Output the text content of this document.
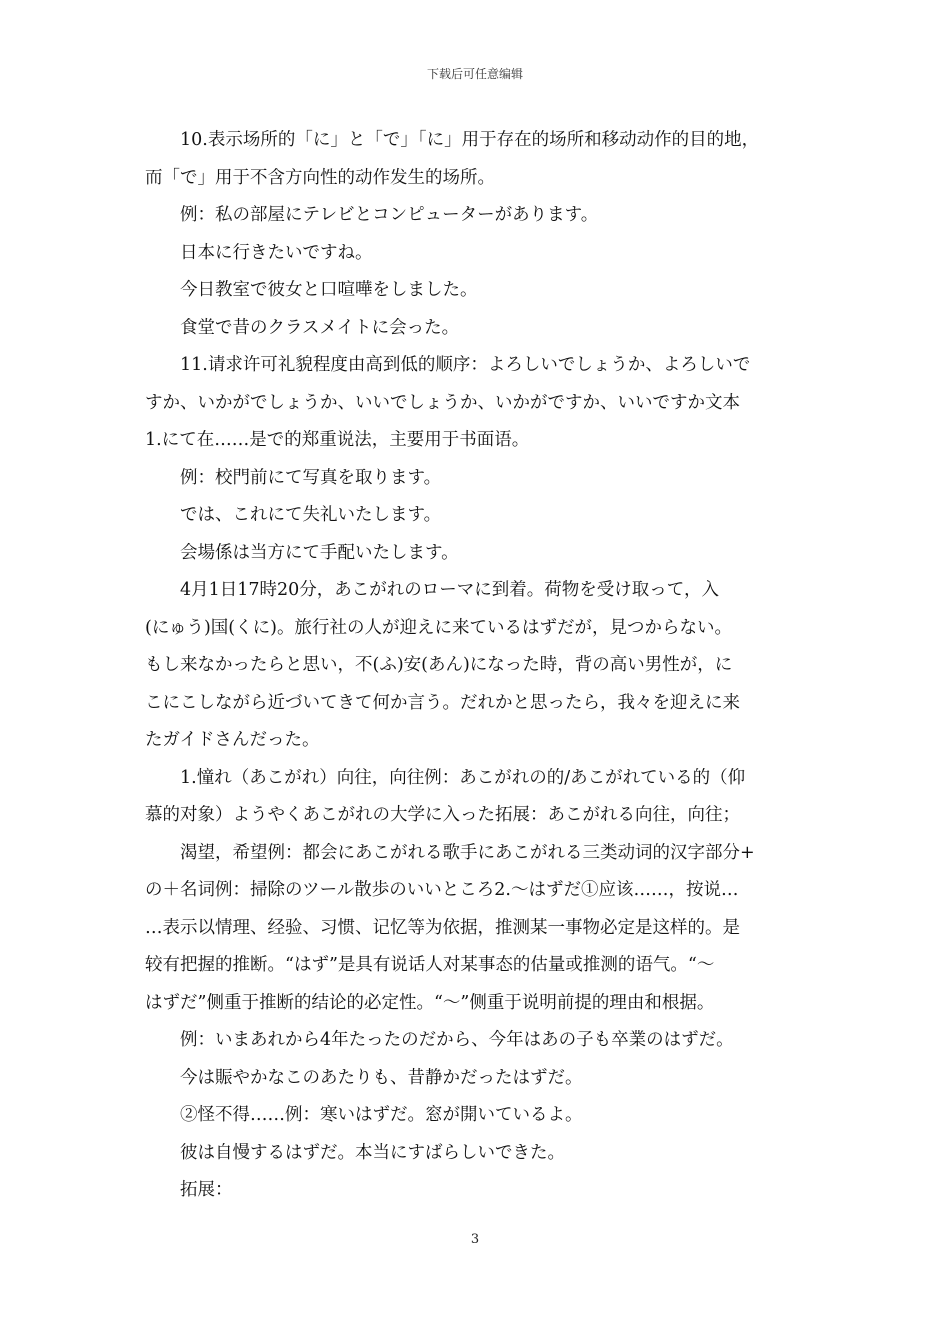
下载后可任意编辑
10.表示场所的「に」と「で」「に」用于存在的场所和移动动作的目的地，
而「で」用于不含方向性的动作发生的场所。
例：私の部屋にテレビとコンピューターがあります。
日本に行きたいですね。
今日教室で彼女と口喧嘩をしました。
食堂で昔のクラスメイトに会った。
11.请求许可礼貌程度由高到低的顺序：よろしいでしょうか、よろしいで
すか、いかがでしょうか、いいでしょうか、いかがですか、いいですか文本
1.にて在……是で的郑重说法，主要用于书面语。
例：校門前にて写真を取ります。
では、これにて失礼いたします。
会場係は当方にて手配いたします。
4月1日17時20分，あこがれのローマに到着。荷物を受け取って，入
(にゅう)国(くに)。旅行社の人が迎えに来ているはずだが，見つからない。
もし来なかったらと思い，不(ふ)安(あん)になった時，背の高い男性が，に
こにこしながら近づいてきて何か言う。だれかと思ったら，我々を迎えに来
たガイドさんだった。
1.憧れ（あこがれ）向往，向往例：あこがれの的/あこがれている的（仰
慕的对象）ようやくあこがれの大学に入った拓展：あこがれる向往，向往；
渴望，希望例：都会にあこがれる歌手にあこがれる三类动词的汉字部分+
の＋名词例：掃除のツール散歩のいいところ2.～はずだ①应该……，按说…
…表示以情理、经验、习惯、记忆等为依据，推测某一事物必定是这样的。是
较有把握的推断。“はず”是具有说话人对某事态的估量或推测的语气。“～
はずだ”侧重于推断的结论的必定性。“～”侧重于说明前提的理由和根据。
例：いまあれから4年たったのだから、今年はあの子も卒業のはずだ。
今は賑やかなこのあたりも、昔静かだったはずだ。
②怪不得……例：寒いはずだ。窓が開いているよ。
彼は自慢するはずだ。本当にすばらしいできた。
拓展：
3
